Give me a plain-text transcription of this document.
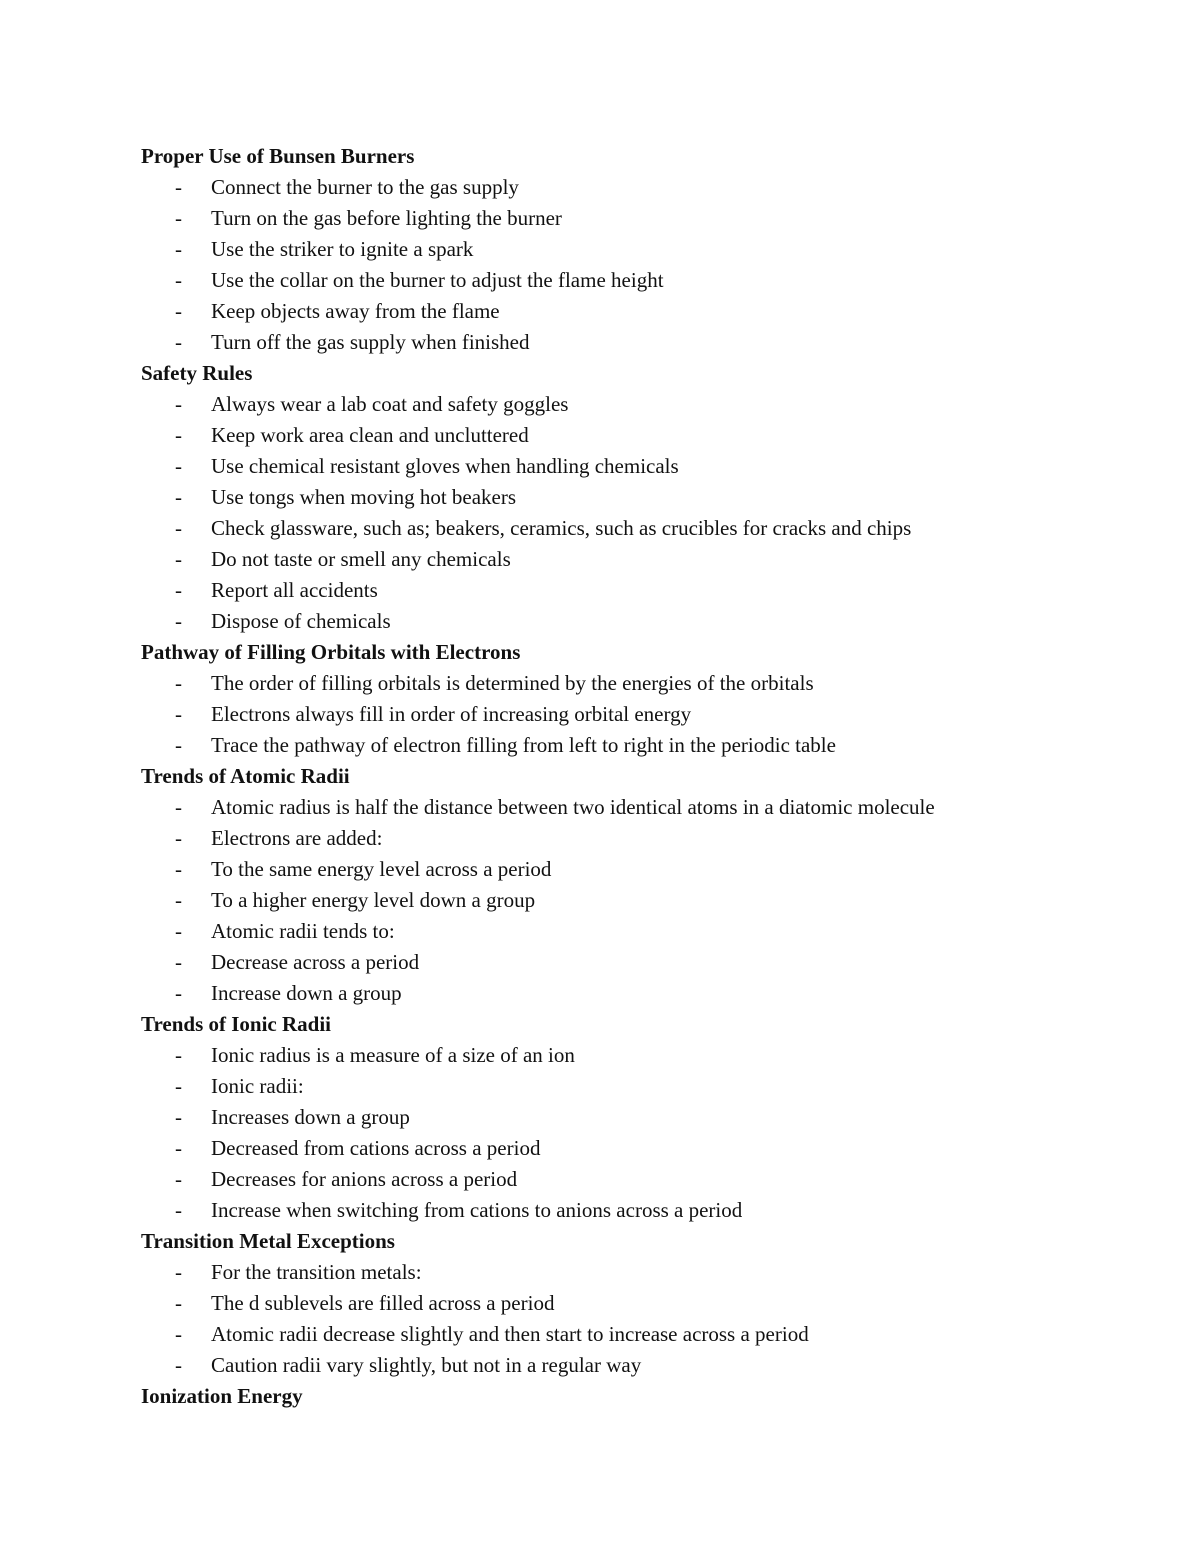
Proper Use of Bunsen Burners
- Connect the burner to the gas supply
- Turn on the gas before lighting the burner
- Use the striker to ignite a spark
- Use the collar on the burner to adjust the flame height
- Keep objects away from the flame
- Turn off the gas supply when finished
Safety Rules
- Always wear a lab coat and safety goggles
- Keep work area clean and uncluttered
- Use chemical resistant gloves when handling chemicals
- Use tongs when moving hot beakers
- Check glassware, such as; beakers, ceramics, such as crucibles for cracks and chips
- Do not taste or smell any chemicals
- Report all accidents
- Dispose of chemicals
Pathway of Filling Orbitals with Electrons
- The order of filling orbitals is determined by the energies of the orbitals
- Electrons always fill in order of increasing orbital energy
- Trace the pathway of electron filling from left to right in the periodic table
Trends of Atomic Radii
- Atomic radius is half the distance between two identical atoms in a diatomic molecule
- Electrons are added:
- To the same energy level across a period
- To a higher energy level down a group
- Atomic radii tends to:
- Decrease across a period
- Increase down a group
Trends of Ionic Radii
- Ionic radius is a measure of a size of an ion
- Ionic radii:
- Increases down a group
- Decreased from cations across a period
- Decreases for anions across a period
- Increase when switching from cations to anions across a period
Transition Metal Exceptions
- For the transition metals:
- The d sublevels are filled across a period
- Atomic radii decrease slightly and then start to increase across a period
- Caution radii vary slightly, but not in a regular way
Ionization Energy
